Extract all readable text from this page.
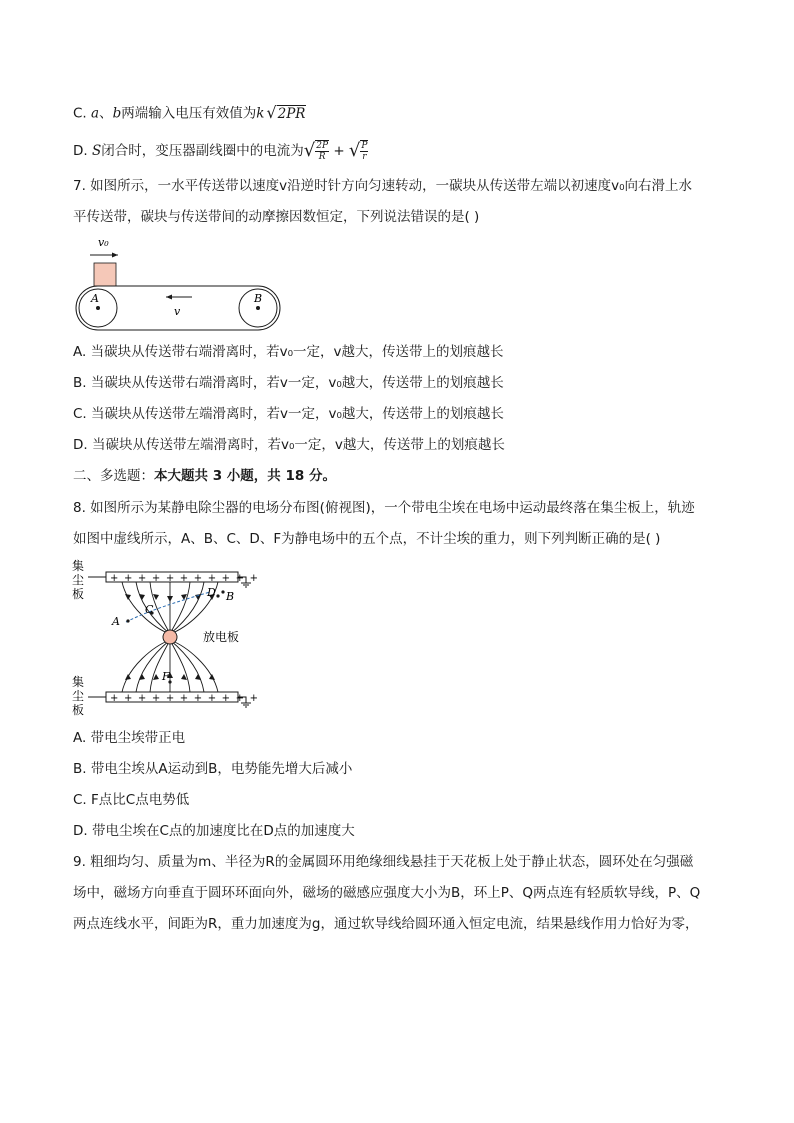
C. a、b两端输入电压有效值为k √2PR
D. S闭合时，变压器副线圈中的电流为√ $\frac{2P}{R}$ + √ $\frac{P}{r}$
7. 如图所示，一水平传送带以速度v沿逆时针方向匀速转动，一碳块从传送带左端以初速度v₀向右滑上水
平传送带，碳块与传送带间的动摩擦因数恒定，下列说法错误的是( )
v₀
A	B
v
A. 当碳块从传送带右端滑离时，若v₀一定，v越大，传送带上的划痕越长
B. 当碳块从传送带右端滑离时，若v一定，v₀越大，传送带上的划痕越长
C. 当碳块从传送带左端滑离时，若v一定，v₀越大，传送带上的划痕越长
D. 当碳块从传送带左端滑离时，若v₀一定，v越大，传送带上的划痕越长
二、多选题：本大题共 3 小题，共 18 分。
8. 如图所示为某静电除尘器的电场分布图(俯视图)，一个带电尘埃在电场中运动最终落在集尘板上，轨迹
如图中虚线所示，A、B、C、D、F为静电场中的五个点，不计尘埃的重力，则下列判断正确的是( )
集
尘
板
集
尘
板
+ + + + + + + + + + +
+ + + + + + + + + + +
放电板
A
C
D B
F
A. 带电尘埃带正电
B. 带电尘埃从A运动到B，电势能先增大后减小
C. F点比C点电势低
D. 带电尘埃在C点的加速度比在D点的加速度大
9. 粗细均匀、质量为m、半径为R的金属圆环用绝缘细线悬挂于天花板上处于静止状态，圆环处在匀强磁
场中，磁场方向垂直于圆环环面向外，磁场的磁感应强度大小为B，环上P、Q两点连有轻质软导线，P、Q
两点连线水平，间距为R，重力加速度为g，通过软导线给圆环通入恒定电流，结果悬线作用力恰好为零，
